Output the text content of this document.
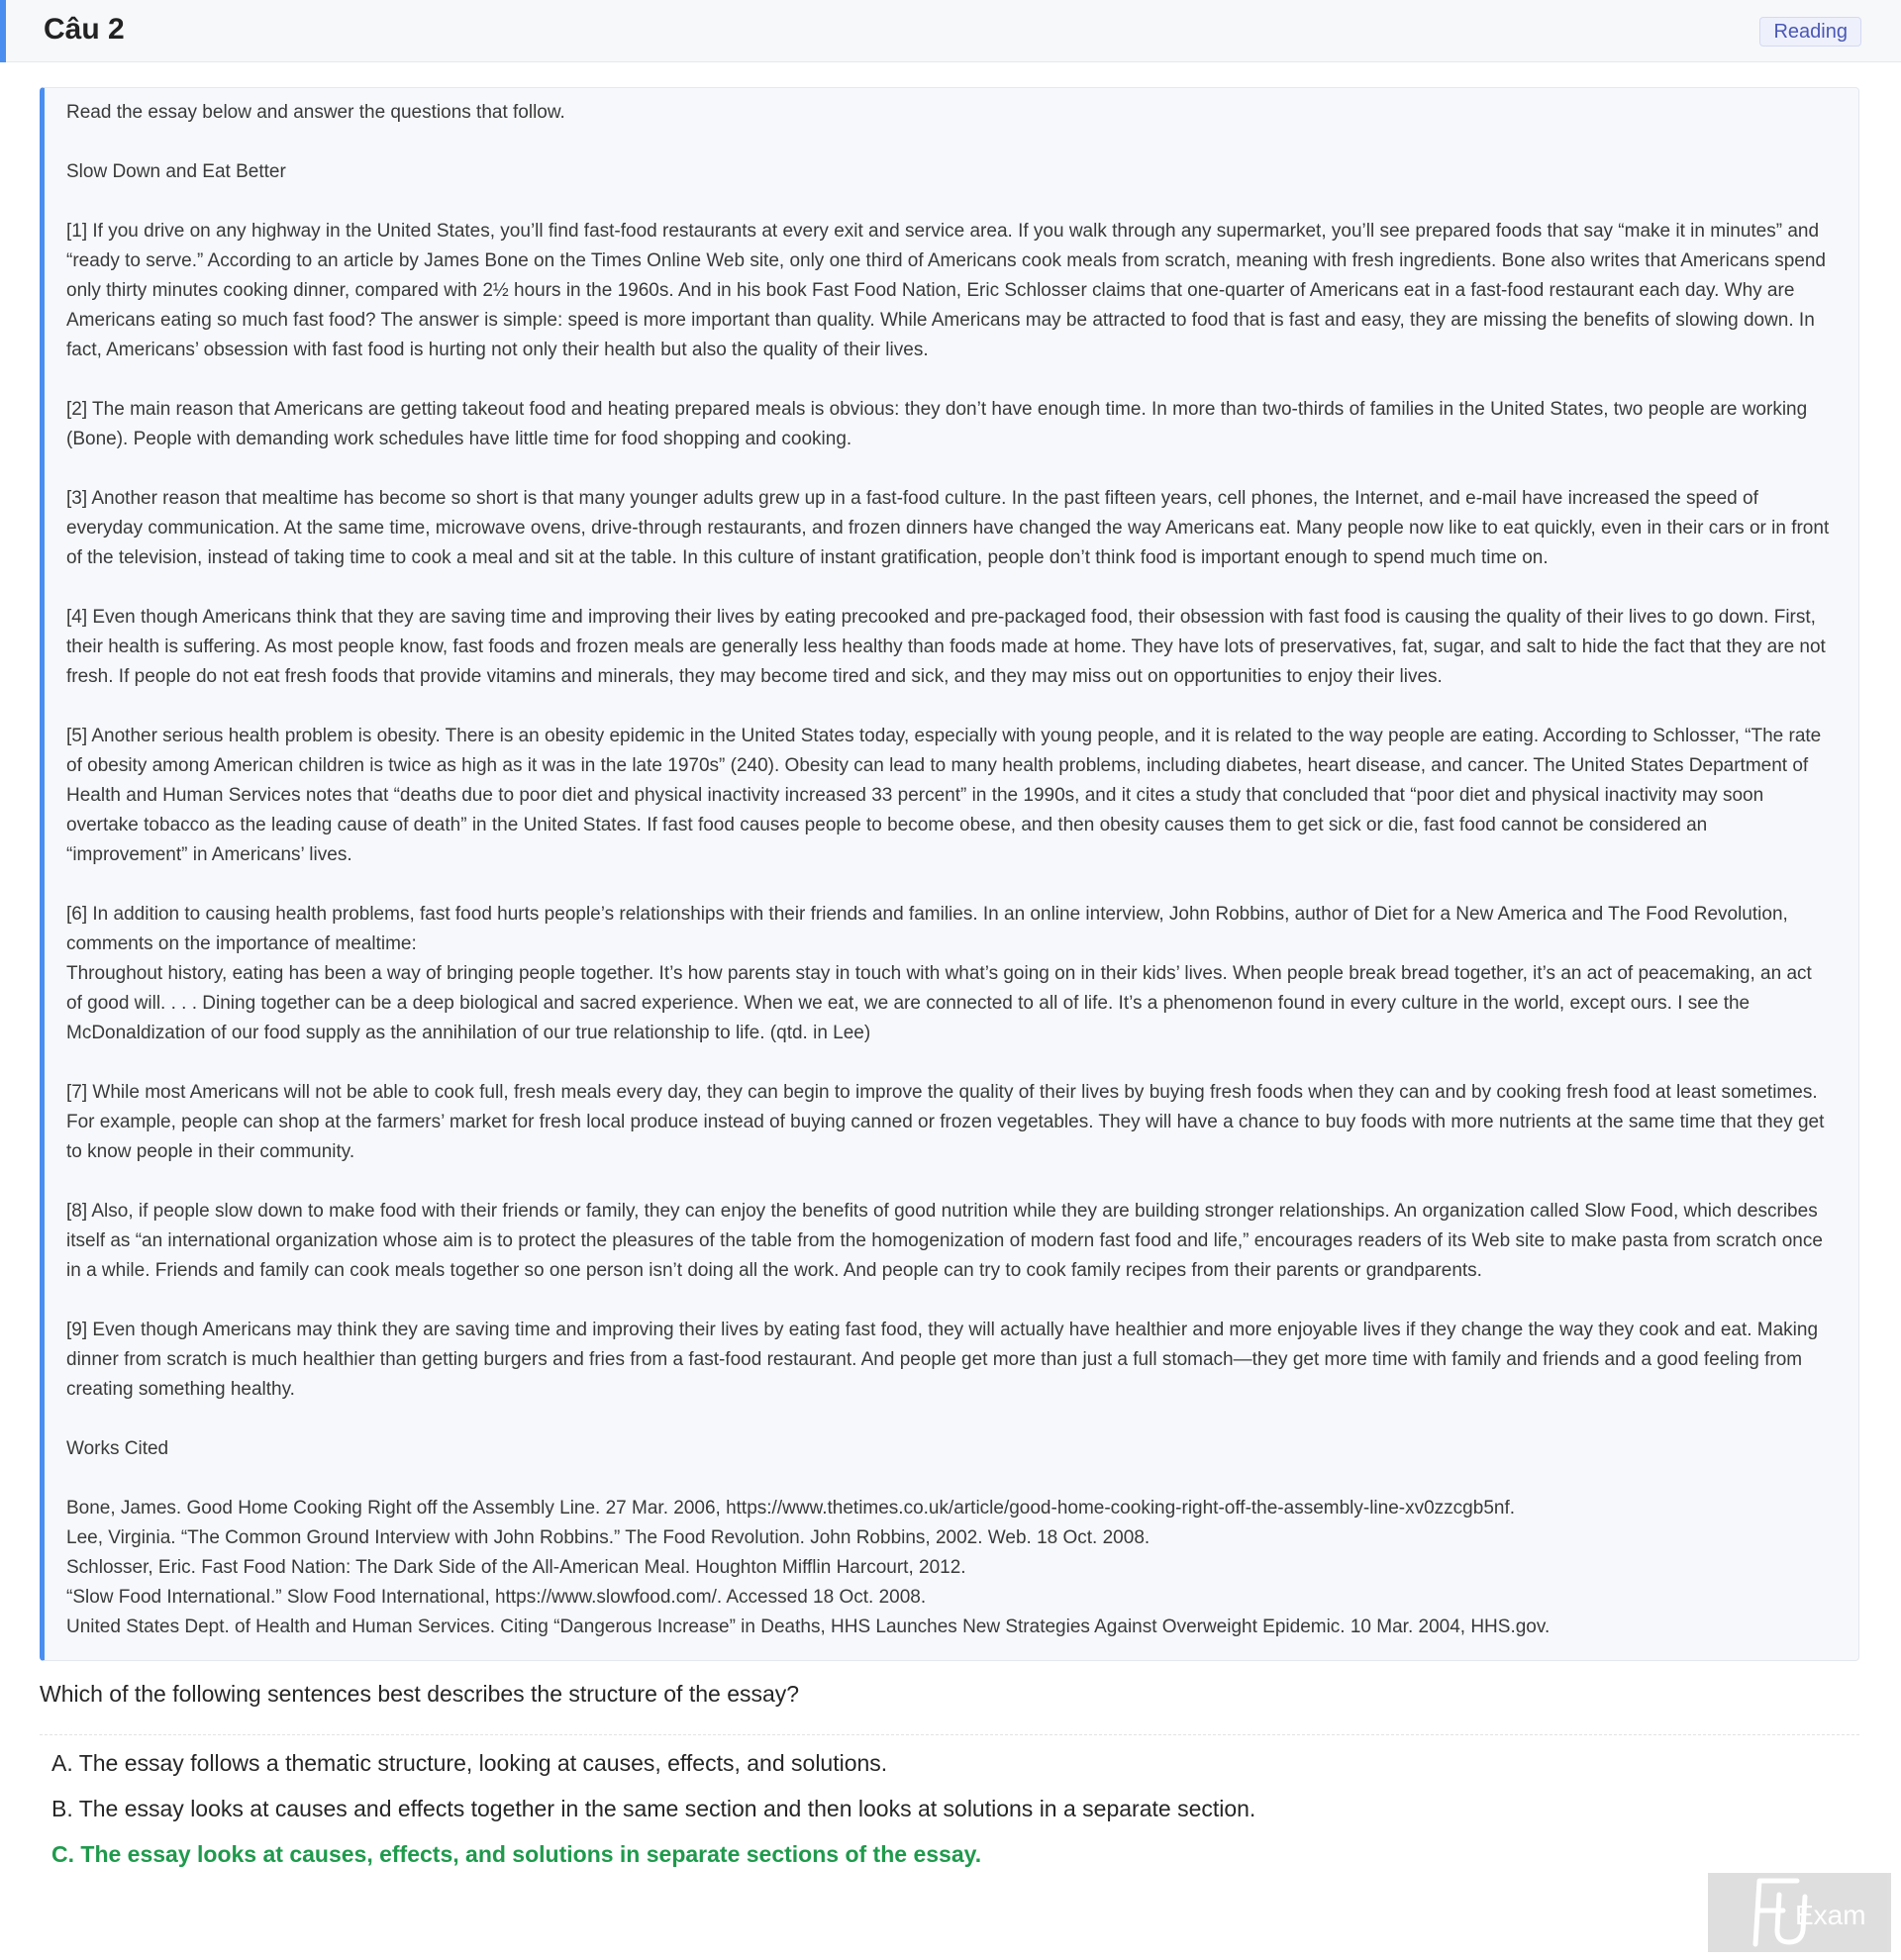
Câu 2	Reading

Read the essay below and answer the questions that follow.

Slow Down and Eat Better

[1] If you drive on any highway in the United States, you’ll find fast-food restaurants at every exit and service area. If you walk through any supermarket, you’ll see prepared foods that say “make it in minutes” and “ready to serve.” According to an article by James Bone on the Times Online Web site, only one third of Americans cook meals from scratch, meaning with fresh ingredients. Bone also writes that Americans spend only thirty minutes cooking dinner, compared with 2½ hours in the 1960s. And in his book Fast Food Nation, Eric Schlosser claims that one-quarter of Americans eat in a fast-food restaurant each day. Why are Americans eating so much fast food? The answer is simple: speed is more important than quality. While Americans may be attracted to food that is fast and easy, they are missing the benefits of slowing down. In fact, Americans’ obsession with fast food is hurting not only their health but also the quality of their lives.

[2] The main reason that Americans are getting takeout food and heating prepared meals is obvious: they don’t have enough time. In more than two-thirds of families in the United States, two people are working (Bone). People with demanding work schedules have little time for food shopping and cooking.

[3] Another reason that mealtime has become so short is that many younger adults grew up in a fast-food culture. In the past fifteen years, cell phones, the Internet, and e-mail have increased the speed of everyday communication. At the same time, microwave ovens, drive-through restaurants, and frozen dinners have changed the way Americans eat. Many people now like to eat quickly, even in their cars or in front of the television, instead of taking time to cook a meal and sit at the table. In this culture of instant gratification, people don’t think food is important enough to spend much time on.

[4] Even though Americans think that they are saving time and improving their lives by eating precooked and pre-packaged food, their obsession with fast food is causing the quality of their lives to go down. First, their health is suffering. As most people know, fast foods and frozen meals are generally less healthy than foods made at home. They have lots of preservatives, fat, sugar, and salt to hide the fact that they are not fresh. If people do not eat fresh foods that provide vitamins and minerals, they may become tired and sick, and they may miss out on opportunities to enjoy their lives.

[5] Another serious health problem is obesity. There is an obesity epidemic in the United States today, especially with young people, and it is related to the way people are eating. According to Schlosser, “The rate of obesity among American children is twice as high as it was in the late 1970s” (240). Obesity can lead to many health problems, including diabetes, heart disease, and cancer. The United States Department of Health and Human Services notes that “deaths due to poor diet and physical inactivity increased 33 percent” in the 1990s, and it cites a study that concluded that “poor diet and physical inactivity may soon overtake tobacco as the leading cause of death” in the United States. If fast food causes people to become obese, and then obesity causes them to get sick or die, fast food cannot be considered an “improvement” in Americans’ lives.

[6] In addition to causing health problems, fast food hurts people’s relationships with their friends and families. In an online interview, John Robbins, author of Diet for a New America and The Food Revolution, comments on the importance of mealtime:
Throughout history, eating has been a way of bringing people together. It’s how parents stay in touch with what’s going on in their kids’ lives. When people break bread together, it’s an act of peacemaking, an act of good will. . . . Dining together can be a deep biological and sacred experience. When we eat, we are connected to all of life. It’s a phenomenon found in every culture in the world, except ours. I see the McDonaldization of our food supply as the annihilation of our true relationship to life. (qtd. in Lee)

[7] While most Americans will not be able to cook full, fresh meals every day, they can begin to improve the quality of their lives by buying fresh foods when they can and by cooking fresh food at least sometimes. For example, people can shop at the farmers’ market for fresh local produce instead of buying canned or frozen vegetables. They will have a chance to buy foods with more nutrients at the same time that they get to know people in their community.

[8] Also, if people slow down to make food with their friends or family, they can enjoy the benefits of good nutrition while they are building stronger relationships. An organization called Slow Food, which describes itself as “an international organization whose aim is to protect the pleasures of the table from the homogenization of modern fast food and life,” encourages readers of its Web site to make pasta from scratch once in a while. Friends and family can cook meals together so one person isn’t doing all the work. And people can try to cook family recipes from their parents or grandparents.

[9] Even though Americans may think they are saving time and improving their lives by eating fast food, they will actually have healthier and more enjoyable lives if they change the way they cook and eat. Making dinner from scratch is much healthier than getting burgers and fries from a fast-food restaurant. And people get more than just a full stomach—they get more time with family and friends and a good feeling from creating something healthy.

Works Cited

Bone, James. Good Home Cooking Right off the Assembly Line. 27 Mar. 2006, https://www.thetimes.co.uk/article/good-home-cooking-right-off-the-assembly-line-xv0zzcgb5nf.
Lee, Virginia. “The Common Ground Interview with John Robbins.” The Food Revolution. John Robbins, 2002. Web. 18 Oct. 2008.
Schlosser, Eric. Fast Food Nation: The Dark Side of the All-American Meal. Houghton Mifflin Harcourt, 2012.
“Slow Food International.” Slow Food International, https://www.slowfood.com/. Accessed 18 Oct. 2008.
United States Dept. of Health and Human Services. Citing “Dangerous Increase” in Deaths, HHS Launches New Strategies Against Overweight Epidemic. 10 Mar. 2004, HHS.gov.

Which of the following sentences best describes the structure of the essay?
A. The essay follows a thematic structure, looking at causes, effects, and solutions.
B. The essay looks at causes and effects together in the same section and then looks at solutions in a separate section.
C. The essay looks at causes, effects, and solutions in separate sections of the essay.
Exam
